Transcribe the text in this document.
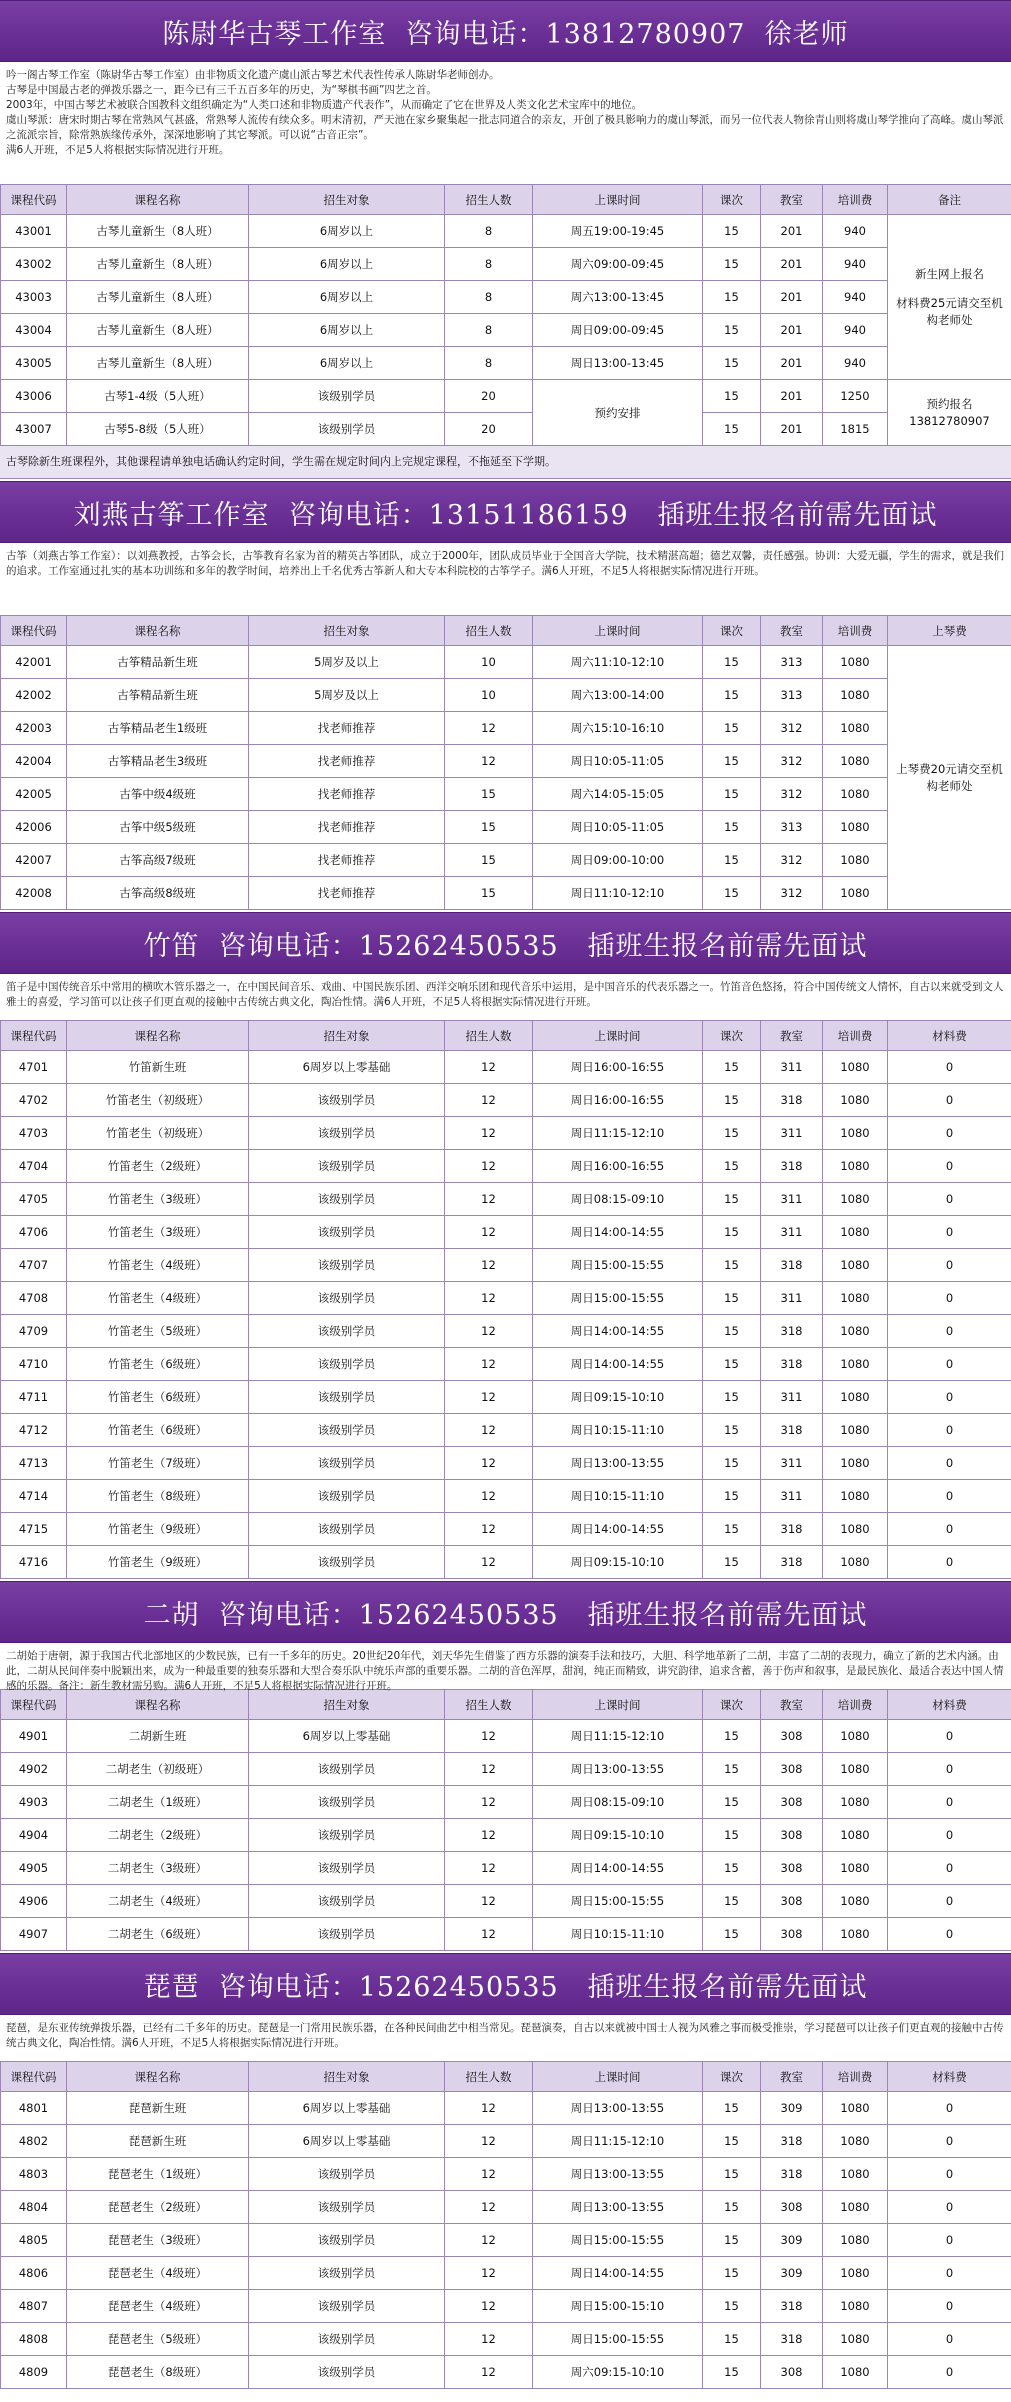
陈尉华古琴工作室  咨询电话：13812780907  徐老师
吟一阁古琴工作室（陈尉华古琴工作室）由非物质文化遗产虞山派古琴艺术代表性传承人陈尉华老师创办。
古琴是中国最古老的弹拨乐器之一，距今已有三千五百多年的历史，为“琴棋书画”四艺之首。
2003年，中国古琴艺术被联合国教科文组织确定为“人类口述和非物质遗产代表作”，从而确定了它在世界及人类文化艺术宝库中的地位。
虞山琴派：唐宋时期古琴在常熟风气甚盛，常熟琴人流传有续众多。明末清初，严天池在家乡聚集起一批志同道合的亲友，开创了极具影响力的虞山琴派，而另一位代表人物徐青山则将虞山琴学推向了高峰。虞山琴派之流派宗旨，除常熟族缘传承外，深深地影响了其它琴派。可以说“古音正宗”。
满6人开班，不足5人将根据实际情况进行开班。
课程代码	课程名称	招生对象	招生人数	上课时间	课次	教室	培训费	备注
43001	古琴儿童新生（8人班）	6周岁以上	8	周五19:00-19:45	15	201	940	新生网上报名
材料费25元请交至机构老师处

43002	古琴儿童新生（8人班）	6周岁以上	8	周六09:00-09:45	15	201	940	
43003	古琴儿童新生（8人班）	6周岁以上	8	周六13:00-13:45	15	201	940	
43004	古琴儿童新生（8人班）	6周岁以上	8	周日09:00-09:45	15	201	940	
43005	古琴儿童新生（8人班）	6周岁以上	8	周日13:00-13:45	15	201	940	
43006	古琴1-4级（5人班）	该级别学员	20	预约安排	15	201	1250	预约报名13812780907
43007	古琴5-8级（5人班）	该级别学员	20		15	201	1815	
古琴除新生班课程外，其他课程请单独电话确认约定时间，学生需在规定时间内上完规定课程，不拖延至下学期。
刘燕古筝工作室  咨询电话：13151186159   插班生报名前需先面试
古筝（刘燕古筝工作室）：以刘燕教授，古筝会长，古筝教育名家为首的精英古筝团队，成立于2000年，团队成员毕业于全国音大学院，技术精湛高超；德艺双馨，责任感强。协训：大爱无疆，学生的需求，就是我们的追求。工作室通过扎实的基本功训练和多年的教学时间，培养出上千名优秀古筝新人和大专本科院校的古筝学子。满6人开班，不足5人将根据实际情况进行开班。
课程代码	课程名称	招生对象	招生人数	上课时间	课次	教室	培训费	上琴费
42001	古筝精品新生班	5周岁及以上	10	周六11:10-12:10	15	313	1080	上琴费20元请交至机构老师处
42002	古筝精品新生班	5周岁及以上	10	周六13:00-14:00	15	313	1080	
42003	古筝精品老生1级班	找老师推荐	12	周六15:10-16:10	15	312	1080	
42004	古筝精品老生3级班	找老师推荐	12	周日10:05-11:05	15	312	1080	
42005	古筝中级4级班	找老师推荐	15	周六14:05-15:05	15	312	1080	
42006	古筝中级5级班	找老师推荐	15	周日10:05-11:05	15	313	1080	
42007	古筝高级7级班	找老师推荐	15	周日09:00-10:00	15	312	1080	
42008	古筝高级8级班	找老师推荐	15	周日11:10-12:10	15	312	1080	
竹笛  咨询电话：15262450535   插班生报名前需先面试
笛子是中国传统音乐中常用的横吹木管乐器之一，在中国民间音乐、戏曲、中国民族乐团、西洋交响乐团和现代音乐中运用，是中国音乐的代表乐器之一。竹笛音色悠扬，符合中国传统文人情怀，自古以来就受到文人雅士的喜爱，学习笛可以让孩子们更直观的接触中古传统古典文化，陶冶性情。满6人开班，不足5人将根据实际情况进行开班。
课程代码	课程名称	招生对象	招生人数	上课时间	课次	教室	培训费	材料费
4701	竹笛新生班	6周岁以上零基础	12	周日16:00-16:55	15	311	1080	0
4702	竹笛老生（初级班）	该级别学员	12	周日16:00-16:55	15	318	1080	0
4703	竹笛老生（初级班）	该级别学员	12	周日11:15-12:10	15	311	1080	0
4704	竹笛老生（2级班）	该级别学员	12	周日16:00-16:55	15	318	1080	0
4705	竹笛老生（3级班）	该级别学员	12	周日08:15-09:10	15	311	1080	0
4706	竹笛老生（3级班）	该级别学员	12	周日14:00-14:55	15	311	1080	0
4707	竹笛老生（4级班）	该级别学员	12	周日15:00-15:55	15	318	1080	0
4708	竹笛老生（4级班）	该级别学员	12	周日15:00-15:55	15	311	1080	0
4709	竹笛老生（5级班）	该级别学员	12	周日14:00-14:55	15	318	1080	0
4710	竹笛老生（6级班）	该级别学员	12	周日14:00-14:55	15	318	1080	0
4711	竹笛老生（6级班）	该级别学员	12	周日09:15-10:10	15	311	1080	0
4712	竹笛老生（6级班）	该级别学员	12	周日10:15-11:10	15	318	1080	0
4713	竹笛老生（7级班）	该级别学员	12	周日13:00-13:55	15	311	1080	0
4714	竹笛老生（8级班）	该级别学员	12	周日10:15-11:10	15	311	1080	0
4715	竹笛老生（9级班）	该级别学员	12	周日14:00-14:55	15	318	1080	0
4716	竹笛老生（9级班）	该级别学员	12	周日09:15-10:10	15	318	1080	0
二胡  咨询电话：15262450535   插班生报名前需先面试
二胡始于唐朝，源于我国古代北部地区的少数民族，已有一千多年的历史。20世纪20年代，刘天华先生借鉴了西方乐器的演奏手法和技巧，大胆、科学地革新了二胡，丰富了二胡的表现力，确立了新的艺术内涵。由此，二胡从民间伴奏中脱颖出来，成为一种最重要的独奏乐器和大型合奏乐队中统乐声部的重要乐器。二胡的音色浑厚，甜润，纯正而精致，讲究韵律，追求含蓄，善于伤声和叙事，是最民族化、最适合表达中国人情感的乐器。备注：新生教材需另购。满6人开班，不足5人将根据实际情况进行开班。
课程代码	课程名称	招生对象	招生人数	上课时间	课次	教室	培训费	材料费
4901	二胡新生班	6周岁以上零基础	12	周日11:15-12:10	15	308	1080	0
4902	二胡老生（初级班）	该级别学员	12	周日13:00-13:55	15	308	1080	0
4903	二胡老生（1级班）	该级别学员	12	周日08:15-09:10	15	308	1080	0
4904	二胡老生（2级班）	该级别学员	12	周日09:15-10:10	15	308	1080	0
4905	二胡老生（3级班）	该级别学员	12	周日14:00-14:55	15	308	1080	0
4906	二胡老生（4级班）	该级别学员	12	周日15:00-15:55	15	308	1080	0
4907	二胡老生（6级班）	该级别学员	12	周日10:15-11:10	15	308	1080	0
琵琶  咨询电话：15262450535   插班生报名前需先面试
琵琶，是东亚传统弹拨乐器，已经有二千多年的历史。琵琶是一门常用民族乐器，在各种民间曲艺中相当常见。琵琶演奏，自古以来就被中国士人视为风雅之事而极受推崇，学习琵琶可以让孩子们更直观的接触中古传统古典文化，陶冶性情。满6人开班，不足5人将根据实际情况进行开班。
课程代码	课程名称	招生对象	招生人数	上课时间	课次	教室	培训费	材料费
4801	琵琶新生班	6周岁以上零基础	12	周日13:00-13:55	15	309	1080	0
4802	琵琶新生班	6周岁以上零基础	12	周日11:15-12:10	15	318	1080	0
4803	琵琶老生（1级班）	该级别学员	12	周日13:00-13:55	15	318	1080	0
4804	琵琶老生（2级班）	该级别学员	12	周日13:00-13:55	15	308	1080	0
4805	琵琶老生（3级班）	该级别学员	12	周日15:00-15:55	15	309	1080	0
4806	琵琶老生（4级班）	该级别学员	12	周日14:00-14:55	15	309	1080	0
4807	琵琶老生（4级班）	该级别学员	12	周日15:00-15:10	15	318	1080	0
4808	琵琶老生（5级班）	该级别学员	12	周日15:00-15:55	15	318	1080	0
4809	琵琶老生（8级班）	该级别学员	12	周六09:15-10:10	15	308	1080	0
